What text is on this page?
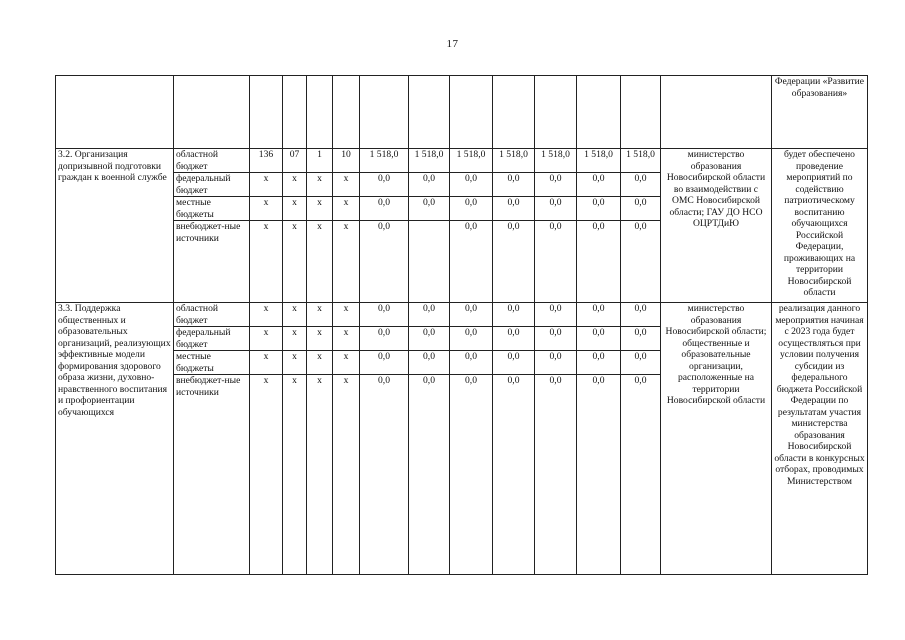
17
														Федерации «Развитие образования»
3.2. Организация допризывной подготовки граждан к военной службе	областной бюджет	136	07	1	10	1 518,0	1 518,0	1 518,0	1 518,0	1 518,0	1 518,0	1 518,0	министерство образования Новосибирской области во взаимодействии с ОМС Новосибирской области; ГАУ ДО НСО ОЦРТДиЮ	будет обеспечено проведение мероприятий по содействию патриотическому воспитанию обучающихся Российской Федерации, проживающих на территории Новосибирской области
	федеральный бюджет	х	х	х	х	0,0	0,0	0,0	0,0	0,0	0,0	0,0		
	местные бюджеты	х	х	х	х	0,0	0,0	0,0	0,0	0,0	0,0	0,0		
	внебюджет-ные источники	х	х	х	х	0,0		0,0	0,0	0,0	0,0	0,0		
3.3. Поддержка общественных и образовательных организаций, реализующих эффективные модели формирования здорового образа жизни, духовно-нравственного воспитания и профориентации обучающихся	областной бюджет	х	х	х	х	0,0	0,0	0,0	0,0	0,0	0,0	0,0	министерство образования Новосибирской области; общественные и образовательные организации, расположенные на территории Новосибирской области	реализация данного мероприятия начиная с 2023 года будет осуществляться при условии получения субсидии из федерального бюджета Российской Федерации по результатам участия министерства образования Новосибирской области в конкурсных отборах, проводимых Министерством
	федеральный бюджет	х	х	х	х	0,0	0,0	0,0	0,0	0,0	0,0	0,0		
	местные бюджеты	х	х	х	х	0,0	0,0	0,0	0,0	0,0	0,0	0,0		
	внебюджет-ные источники	х	х	х	х	0,0	0,0	0,0	0,0	0,0	0,0	0,0		
